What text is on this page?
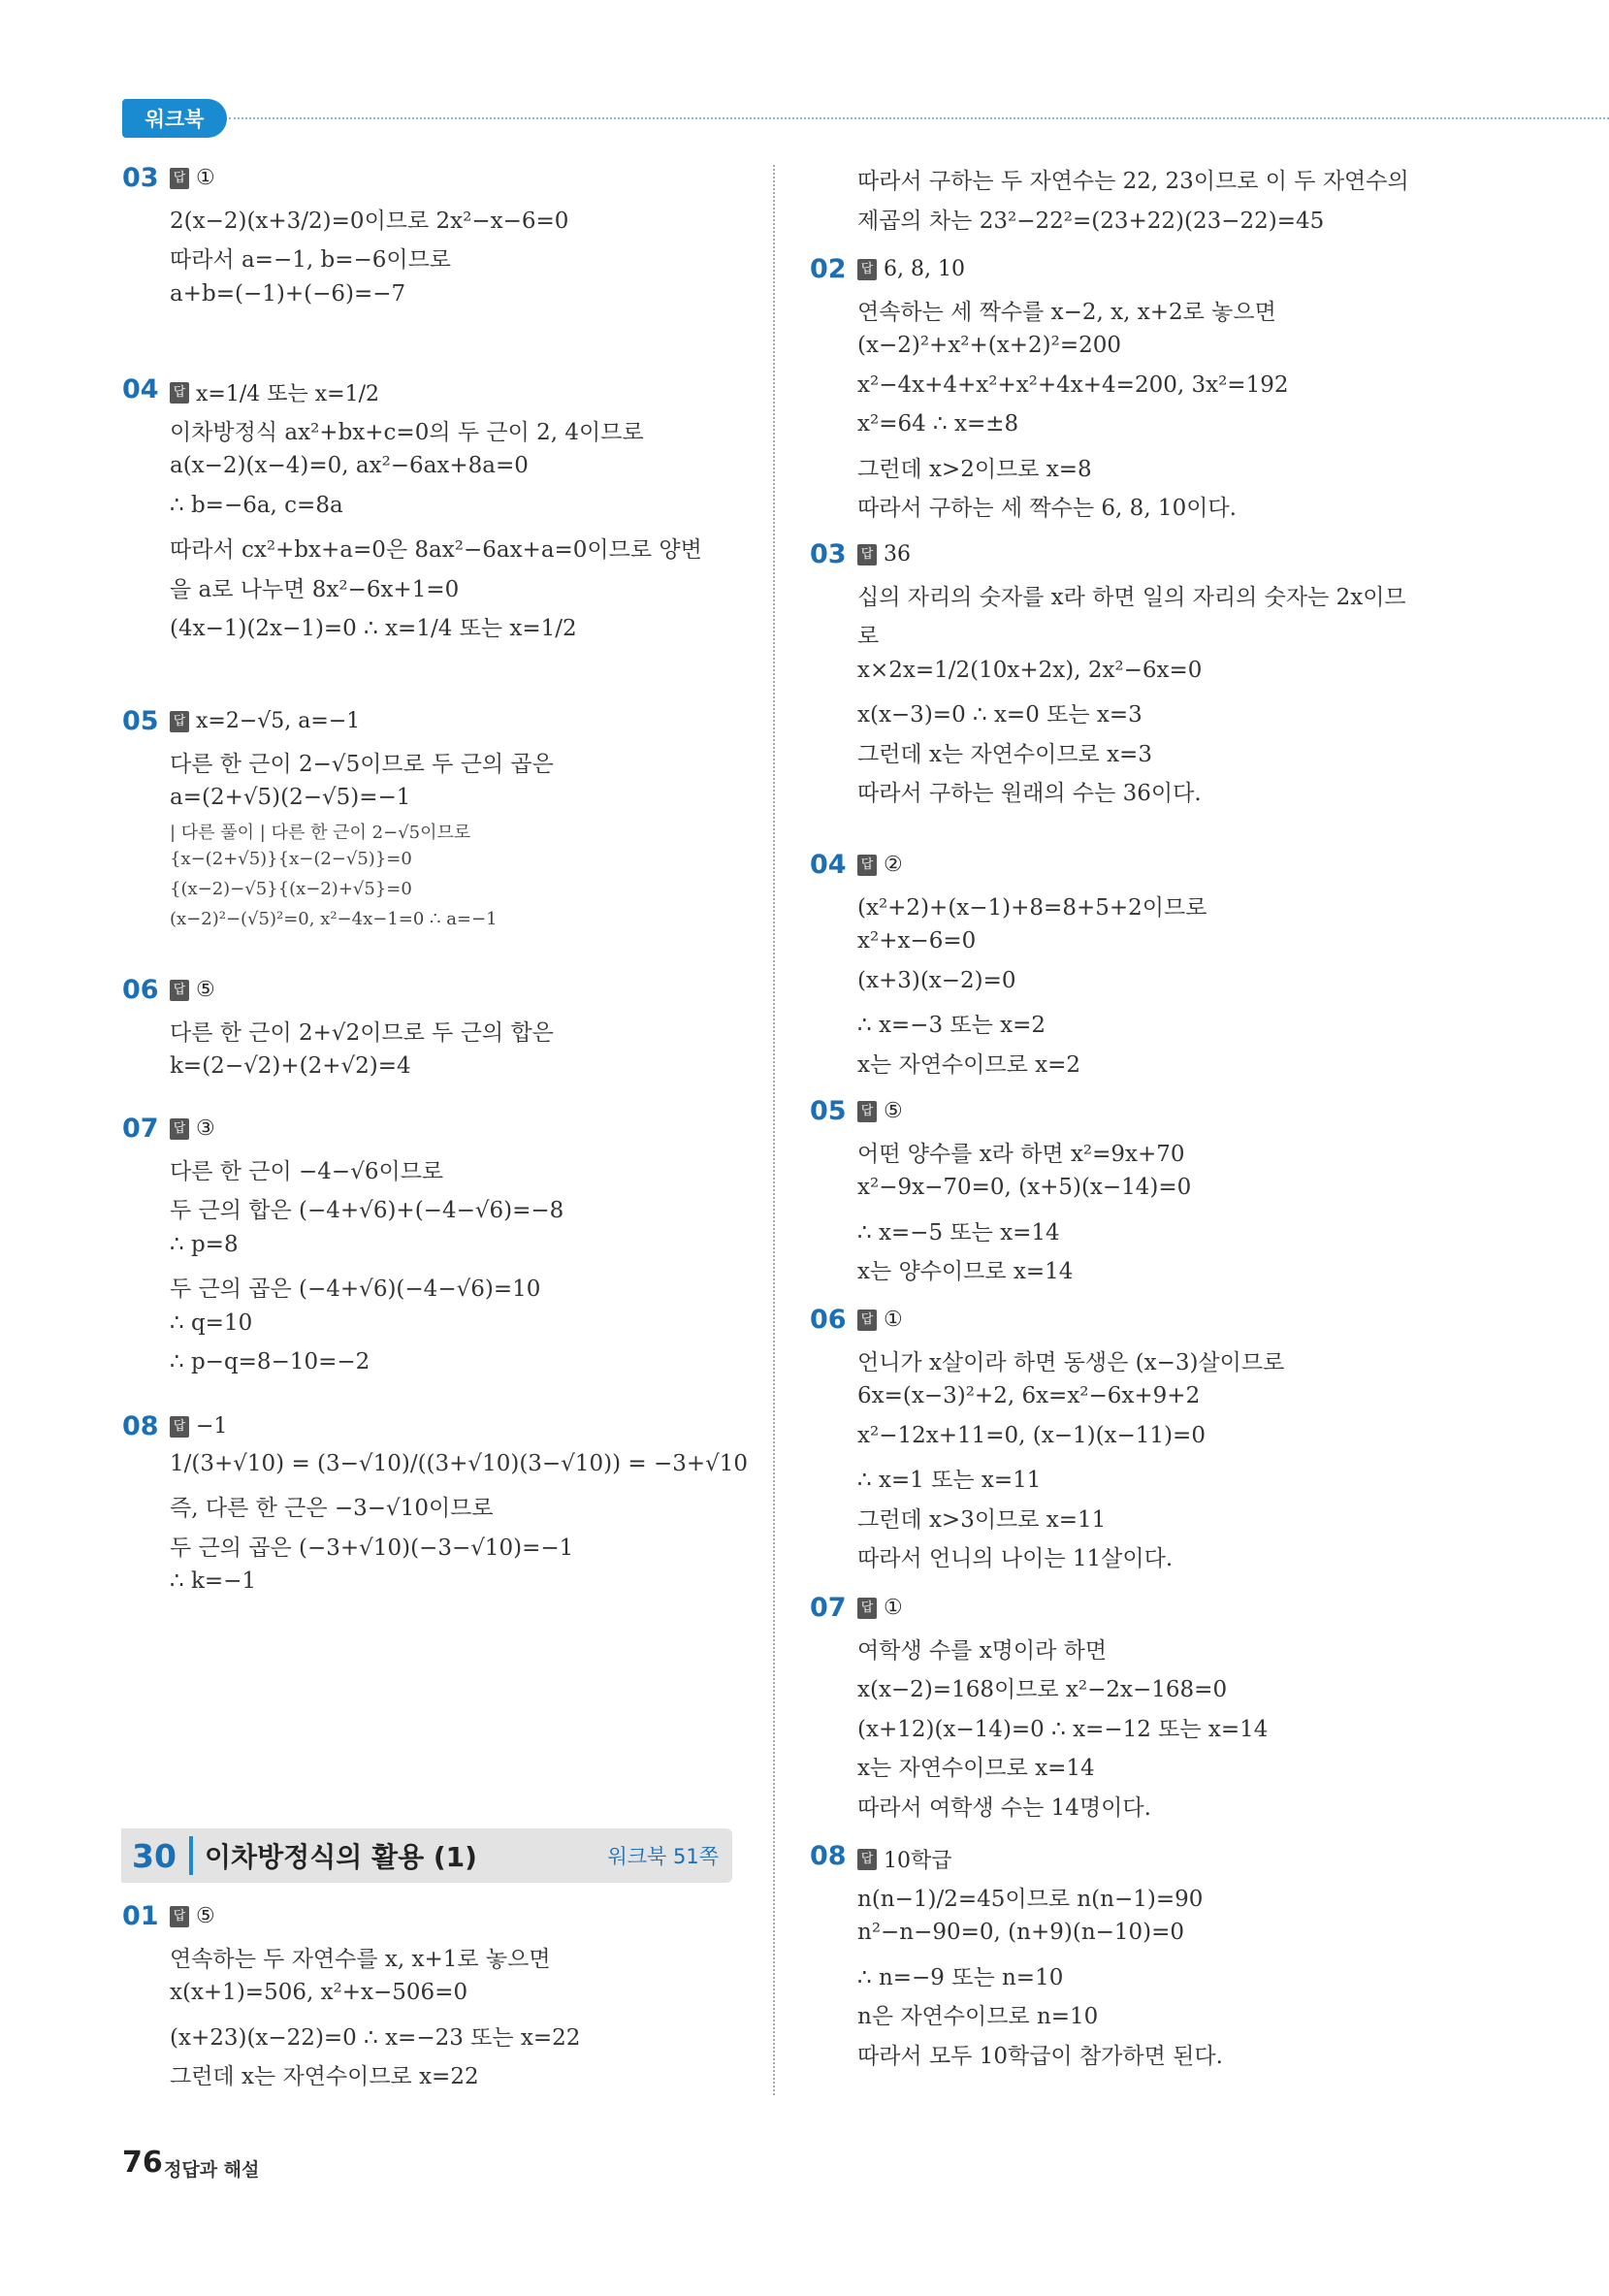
워크북
03 답 ①
2(x−2)(x+3/2)=0이므로 2x²−x−6=0
따라서 a=−1, b=−6이므로
a+b=(−1)+(−6)=−7
04 답 x=1/4 또는 x=1/2
이차방정식 ax²+bx+c=0의 두 근이 2, 4이므로
a(x−2)(x−4)=0, ax²−6ax+8a=0
∴ b=−6a, c=8a
따라서 cx²+bx+a=0은 8ax²−6ax+a=0이므로 양변
을 a로 나누면 8x²−6x+1=0
(4x−1)(2x−1)=0 ∴ x=1/4 또는 x=1/2
05 답 x=2−√5, a=−1
다른 한 근이 2−√5이므로 두 근의 곱은
a=(2+√5)(2−√5)=−1
| 다른 풀이 | 다른 한 근이 2−√5이므로
{x−(2+√5)}{x−(2−√5)}=0
{(x−2)−√5}{(x−2)+√5}=0
(x−2)²−(√5)²=0, x²−4x−1=0 ∴ a=−1
06 답 ⑤
다른 한 근이 2+√2이므로 두 근의 합은
k=(2−√2)+(2+√2)=4
07 답 ③
다른 한 근이 −4−√6이므로
두 근의 합은 (−4+√6)+(−4−√6)=−8
∴ p=8
두 근의 곱은 (−4+√6)(−4−√6)=10
∴ q=10
∴ p−q=8−10=−2
08 답 −1
1/(3+√10) = (3−√10)/((3+√10)(3−√10)) = −3+√10
즉, 다른 한 근은 −3−√10이므로
두 근의 곱은 (−3+√10)(−3−√10)=−1
∴ k=−1
30	이차방정식의 활용 (1)	워크북 51쪽
01 답 ⑤
연속하는 두 자연수를 x, x+1로 놓으면
x(x+1)=506, x²+x−506=0
(x+23)(x−22)=0 ∴ x=−23 또는 x=22
그런데 x는 자연수이므로 x=22
따라서 구하는 두 자연수는 22, 23이므로 이 두 자연수의
제곱의 차는 23²−22²=(23+22)(23−22)=45
02 답 6, 8, 10
연속하는 세 짝수를 x−2, x, x+2로 놓으면
(x−2)²+x²+(x+2)²=200
x²−4x+4+x²+x²+4x+4=200, 3x²=192
x²=64 ∴ x=±8
그런데 x>2이므로 x=8
따라서 구하는 세 짝수는 6, 8, 10이다.
03 답 36
십의 자리의 숫자를 x라 하면 일의 자리의 숫자는 2x이므
로
x×2x=1/2(10x+2x), 2x²−6x=0
x(x−3)=0 ∴ x=0 또는 x=3
그런데 x는 자연수이므로 x=3
따라서 구하는 원래의 수는 36이다.
04 답 ②
(x²+2)+(x−1)+8=8+5+2이므로
x²+x−6=0
(x+3)(x−2)=0
∴ x=−3 또는 x=2
x는 자연수이므로 x=2
05 답 ⑤
어떤 양수를 x라 하면 x²=9x+70
x²−9x−70=0, (x+5)(x−14)=0
∴ x=−5 또는 x=14
x는 양수이므로 x=14
06 답 ①
언니가 x살이라 하면 동생은 (x−3)살이므로
6x=(x−3)²+2, 6x=x²−6x+9+2
x²−12x+11=0, (x−1)(x−11)=0
∴ x=1 또는 x=11
그런데 x>3이므로 x=11
따라서 언니의 나이는 11살이다.
07 답 ①
여학생 수를 x명이라 하면
x(x−2)=168이므로 x²−2x−168=0
(x+12)(x−14)=0 ∴ x=−12 또는 x=14
x는 자연수이므로 x=14
따라서 여학생 수는 14명이다.
08 답 10학급
n(n−1)/2=45이므로 n(n−1)=90
n²−n−90=0, (n+9)(n−10)=0
∴ n=−9 또는 n=10
n은 자연수이므로 n=10
따라서 모두 10학급이 참가하면 된다.
76 정답과 해설
